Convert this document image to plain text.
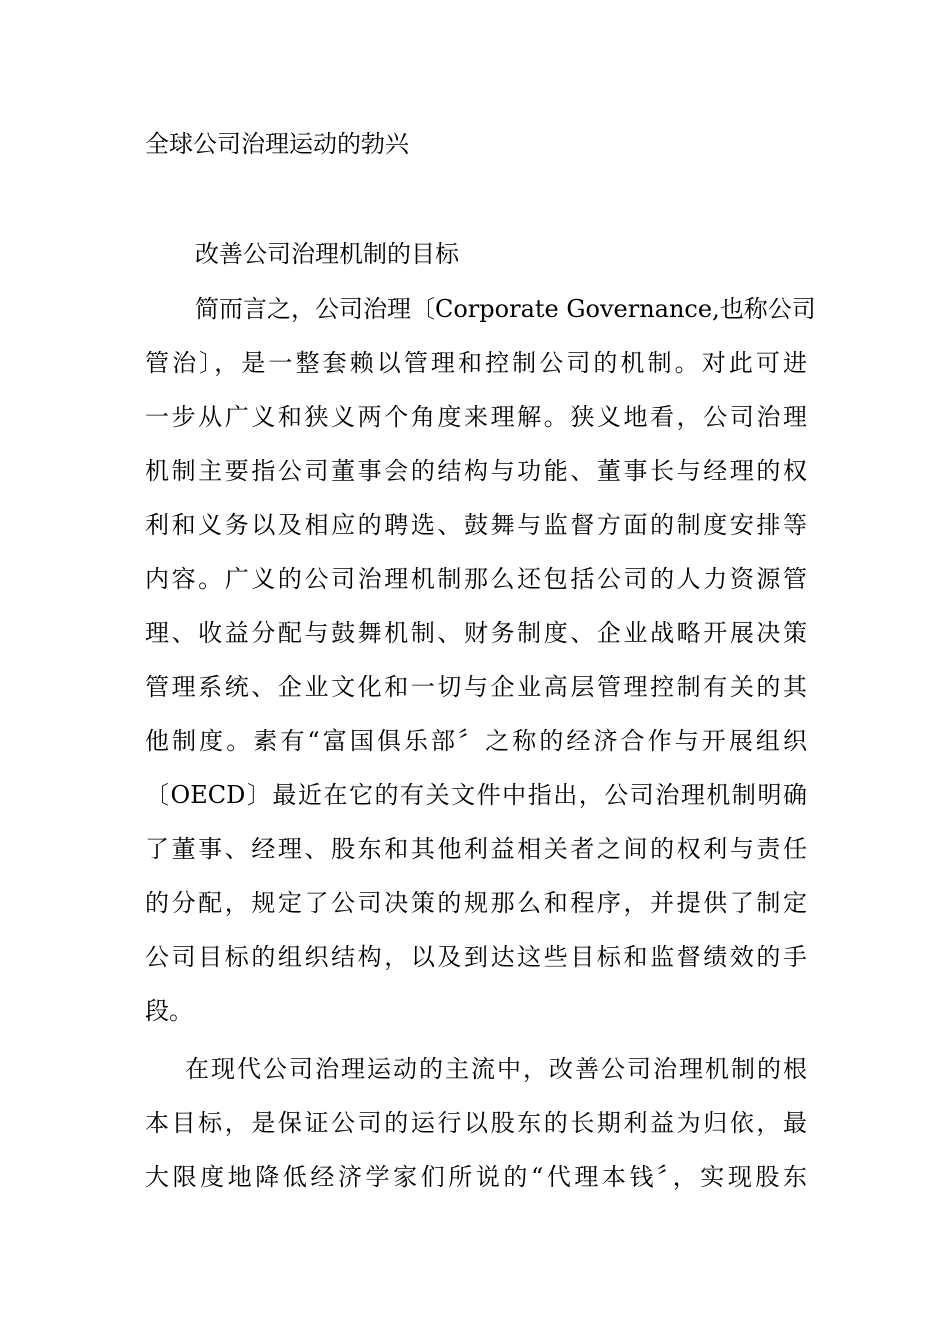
全球公司治理运动的勃兴
改善公司治理机制的目标
简而言之，公司治理〔Corporate Governance,也称公司
管治〕，是一整套赖以管理和控制公司的机制。对此可进
一步从广义和狭义两个角度来理解。狭义地看，公司治理
机制主要指公司董事会的结构与功能、董事长与经理的权
利和义务以及相应的聘选、鼓舞与监督方面的制度安排等
内容。广义的公司治理机制那么还包括公司的人力资源管
理、收益分配与鼓舞机制、财务制度、企业战略开展决策
管理系统、企业文化和一切与企业高层管理控制有关的其
他制度。素有“富国俱乐部〞之称的经济合作与开展组织
〔OECD〕最近在它的有关文件中指出，公司治理机制明确
了董事、经理、股东和其他利益相关者之间的权利与责任
的分配，规定了公司决策的规那么和程序，并提供了制定
公司目标的组织结构，以及到达这些目标和监督绩效的手
段。
在现代公司治理运动的主流中，改善公司治理机制的根
本目标，是保证公司的运行以股东的长期利益为归依，最
大限度地降低经济学家们所说的“代理本钱〞，实现股东
